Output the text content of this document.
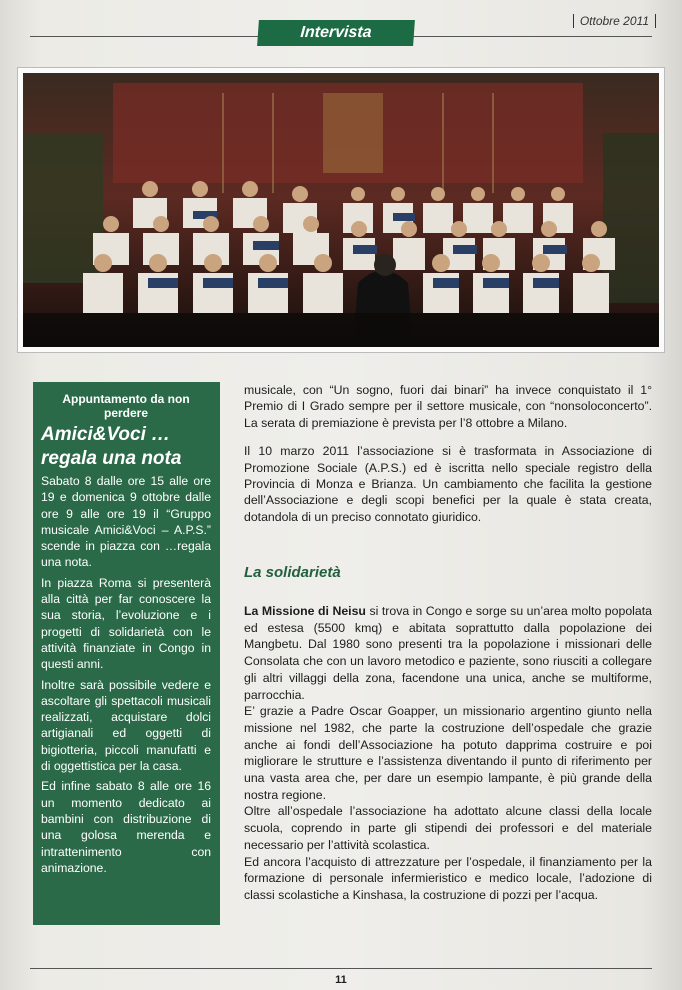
Intervista
Ottobre 2011
Appuntamento da non perdere
Amici&Voci …
regala una nota

Sabato 8 dalle ore 15 alle ore 19 e domenica 9 ottobre dalle ore 9 alle ore 19 il “Gruppo musicale Amici&Voci – A.P.S.” scende in piazza con …regala una nota.

In piazza Roma si presenterà alla città per far conoscere la sua storia, l’evoluzione e i progetti di solidarietà con le attività finanziate in Congo in questi anni.

Inoltre sarà possibile vedere e ascoltare gli spettacoli musicali realizzati, acquistare dolci artigianali ed oggetti di bigiotteria, piccoli manufatti e di oggettistica per la casa.

Ed infine sabato 8 alle ore 16 un momento dedicato ai bambini con distribuzione di una golosa merenda e intrattenimento con animazione.

musicale, con “Un sogno, fuori dai binari” ha invece conquistato il 1° Premio di I Grado sempre per il settore musicale, con “nonsoloconcerto”. La serata di premiazione è prevista per l’8 ottobre a Milano.

Il 10 marzo 2011 l’associazione si è trasformata in Associazione di Promozione Sociale (A.P.S.) ed è iscritta nello speciale registro della Provincia di Monza e Brianza. Un cambiamento che facilita la gestione dell’Associazione e degli scopi benefici per la quale è stata creata, dotandola di un preciso connotato giuridico.

La solidarietà

La Missione di Neisu si trova in Congo e sorge su un’area molto popolata ed estesa (5500 kmq) e abitata soprattutto dalla popolazione dei Mangbetu. Dal 1980 sono presenti tra la popolazione i missionari delle Consolata che con un lavoro metodico e paziente, sono riusciti a collegare gli altri villaggi della zona, facendone una unica, anche se multiforme, parrocchia.

E’ grazie a Padre Oscar Goapper, un missionario argentino giunto nella missione nel 1982, che parte la costruzione dell’ospedale che grazie anche ai fondi dell’Associazione ha potuto dapprima costruire e poi migliorare le strutture e l’assistenza diventando il punto di riferimento per una vasta area che, per dare un esempio lampante, è più grande della nostra regione.

Oltre all’ospedale l’associazione ha adottato alcune classi della locale scuola, coprendo in parte gli stipendi dei professori e del materiale necessario per l’attività scolastica.

Ed ancora l’acquisto di attrezzature per l’ospedale, il finanziamento per la formazione di personale infermieristico e medico locale, l’adozione di classi scolastiche a Kinshasa, la costruzione di pozzi per l’acqua.

11
